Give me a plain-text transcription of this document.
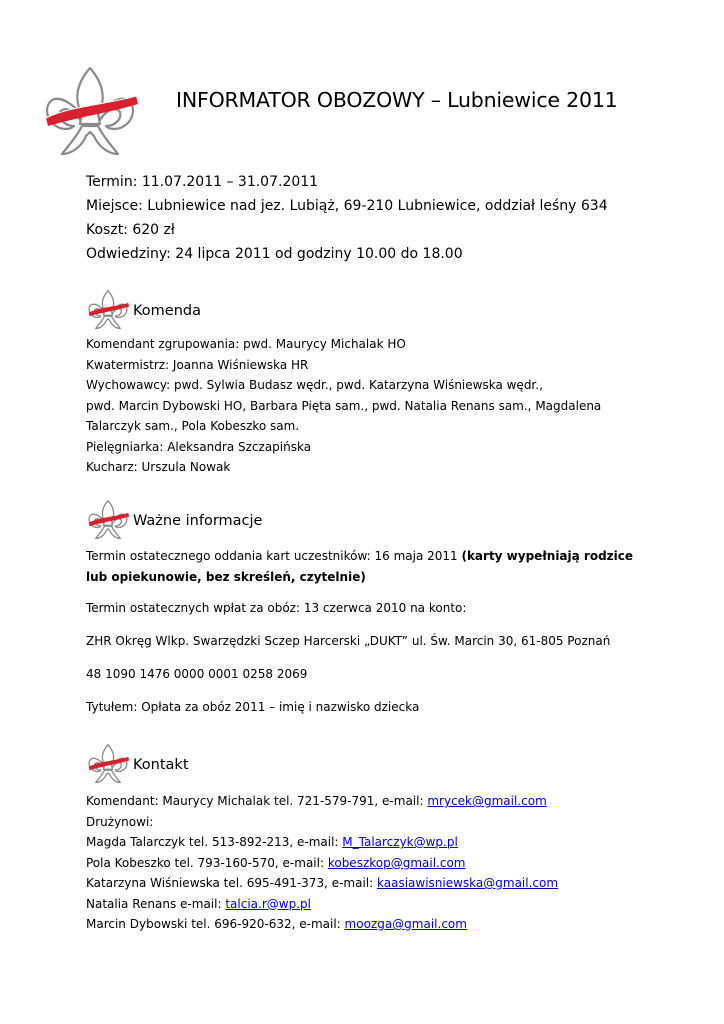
INFORMATOR OBOZOWY – Lubniewice 2011
Termin: 11.07.2011 – 31.07.2011
Miejsce: Lubniewice nad jez. Lubiąż, 69-210 Lubniewice, oddział leśny 634
Koszt: 620 zł
Odwiedziny: 24 lipca 2011 od godziny 10.00 do 18.00
Komenda
Komendant zgrupowania: pwd. Maurycy Michalak HO
Kwatermistrz: Joanna Wiśniewska HR
Wychowawcy: pwd. Sylwia Budasz wędr., pwd. Katarzyna Wiśniewska wędr.,
pwd. Marcin Dybowski HO, Barbara Pięta sam., pwd. Natalia Renans sam., Magdalena
Talarczyk sam., Pola Kobeszko sam.
Pielęgniarka: Aleksandra Szczapińska
Kucharz: Urszula Nowak
Ważne informacje
Termin ostatecznego oddania kart uczestników: 16 maja 2011 (karty wypełniają rodzice lub opiekunowie, bez skreśleń, czytelnie)
Termin ostatecznych wpłat za obóz: 13 czerwca 2010 na konto:
ZHR Okręg Wlkp. Swarzędzki Sczep Harcerski „DUKT” ul. Św. Marcin 30, 61-805 Poznań
48 1090 1476 0000 0001 0258 2069
Tytułem: Opłata za obóz 2011 – imię i nazwisko dziecka
Kontakt
Komendant: Maurycy Michalak tel. 721-579-791, e-mail: mrycek@gmail.com
Drużynowi:
Magda Talarczyk tel. 513-892-213, e-mail: M_Talarczyk@wp.pl
Pola Kobeszko tel. 793-160-570, e-mail: kobeszkop@gmail.com
Katarzyna Wiśniewska tel. 695-491-373, e-mail: kaasiawisniewska@gmail.com
Natalia Renans e-mail: talcia.r@wp.pl
Marcin Dybowski tel. 696-920-632, e-mail: moozga@gmail.com
